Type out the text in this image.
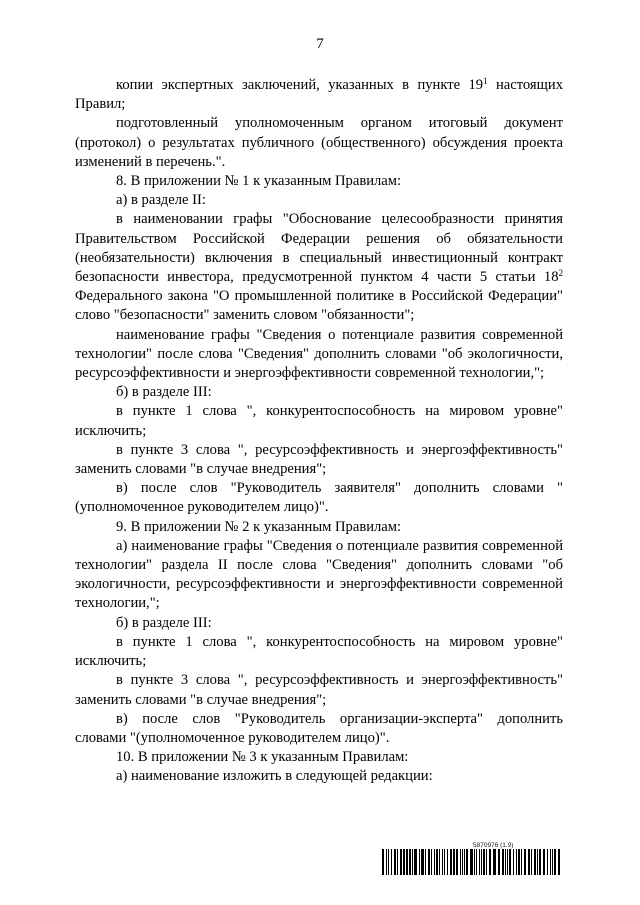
7

копии экспертных заключений, указанных в пункте $19^1$ настоящих Правил;

подготовленный уполномоченным органом итоговый документ (протокол) о результатах публичного (общественного) обсуждения проекта изменений в перечень.".

8. В приложении № 1 к указанным Правилам:

а) в разделе II:

в наименовании графы "Обоснование целесообразности принятия Правительством Российской Федерации решения об обязательности (необязательности) включения в специальный инвестиционный контракт безопасности инвестора, предусмотренной пунктом 4 части 5 статьи $18^2$ Федерального закона "О промышленной политике в Российской Федерации" слово "безопасности" заменить словом "обязанности";

наименование графы "Сведения о потенциале развития современной технологии" после слова "Сведения" дополнить словами "об экологичности, ресурсоэффективности и энергоэффективности современной технологии,";

б) в разделе III:

в пункте 1 слова ", конкурентоспособность на мировом уровне" исключить;

в пункте 3 слова ", ресурсоэффективность и энергоэффективность" заменить словами "в случае внедрения";

в) после слов "Руководитель заявителя" дополнить словами "(уполномоченное руководителем лицо)".

9. В приложении № 2 к указанным Правилам:

а) наименование графы "Сведения о потенциале развития современной технологии" раздела II после слова "Сведения" дополнить словами "об экологичности, ресурсоэффективности и энергоэффективности современной технологии,";

б) в разделе III:

в пункте 1 слова ", конкурентоспособность на мировом уровне" исключить;

в пункте 3 слова ", ресурсоэффективность и энергоэффективность" заменить словами "в случае внедрения";

в) после слов "Руководитель организации-эксперта" дополнить словами "(уполномоченное руководителем лицо)".

10. В приложении № 3 к указанным Правилам:

а) наименование изложить в следующей редакции:

5870976 (1.9)
